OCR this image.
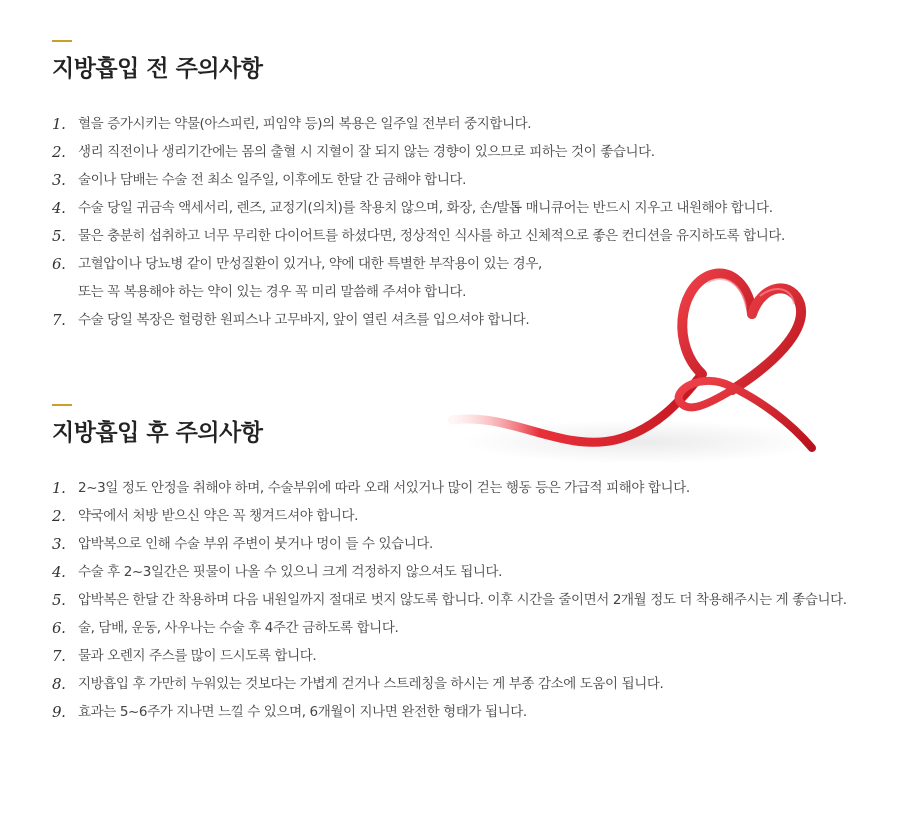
지방흡입 전 주의사항
1. 혈을 증가시키는 약물(아스피린, 피임약 등)의 복용은 일주일 전부터 중지합니다.
2. 생리 직전이나 생리기간에는 몸의 출혈 시 지혈이 잘 되지 않는 경향이 있으므로 피하는 것이 좋습니다.
3. 술이나 담배는 수술 전 최소 일주일, 이후에도 한달 간 금해야 합니다.
4. 수술 당일 귀금속 액세서리, 렌즈, 교정기(의치)를 착용치 않으며, 화장, 손/발톱 매니큐어는 반드시 지우고 내원해야 합니다.
5. 물은 충분히 섭취하고 너무 무리한 다이어트를 하셨다면, 정상적인 식사를 하고 신체적으로 좋은 컨디션을 유지하도록 합니다.
6. 고혈압이나 당뇨병 같이 만성질환이 있거나, 약에 대한 특별한 부작용이 있는 경우,
또는 꼭 복용해야 하는 약이 있는 경우 꼭 미리 말씀해 주셔야 합니다.
7. 수술 당일 복장은 헐렁한 원피스나 고무바지, 앞이 열린 셔츠를 입으셔야 합니다.
지방흡입 후 주의사항
1. 2~3일 정도 안정을 취해야 하며, 수술부위에 따라 오래 서있거나 많이 걷는 행동 등은 가급적 피해야 합니다.
2. 약국에서 처방 받으신 약은 꼭 챙겨드셔야 합니다.
3. 압박복으로 인해 수술 부위 주변이 붓거나 멍이 들 수 있습니다.
4. 수술 후 2~3일간은 핏물이 나올 수 있으니 크게 걱정하지 않으셔도 됩니다.
5. 압박복은 한달 간 착용하며 다음 내원일까지 절대로 벗지 않도록 합니다. 이후 시간을 줄이면서 2개월 정도 더 착용해주시는 게 좋습니다.
6. 술, 담배, 운동, 사우나는 수술 후 4주간 금하도록 합니다.
7. 물과 오렌지 주스를 많이 드시도록 합니다.
8. 지방흡입 후 가만히 누워있는 것보다는 가볍게 걷거나 스트레칭을 하시는 게 부종 감소에 도움이 됩니다.
9. 효과는 5~6주가 지나면 느낄 수 있으며, 6개월이 지나면 완전한 형태가 됩니다.
